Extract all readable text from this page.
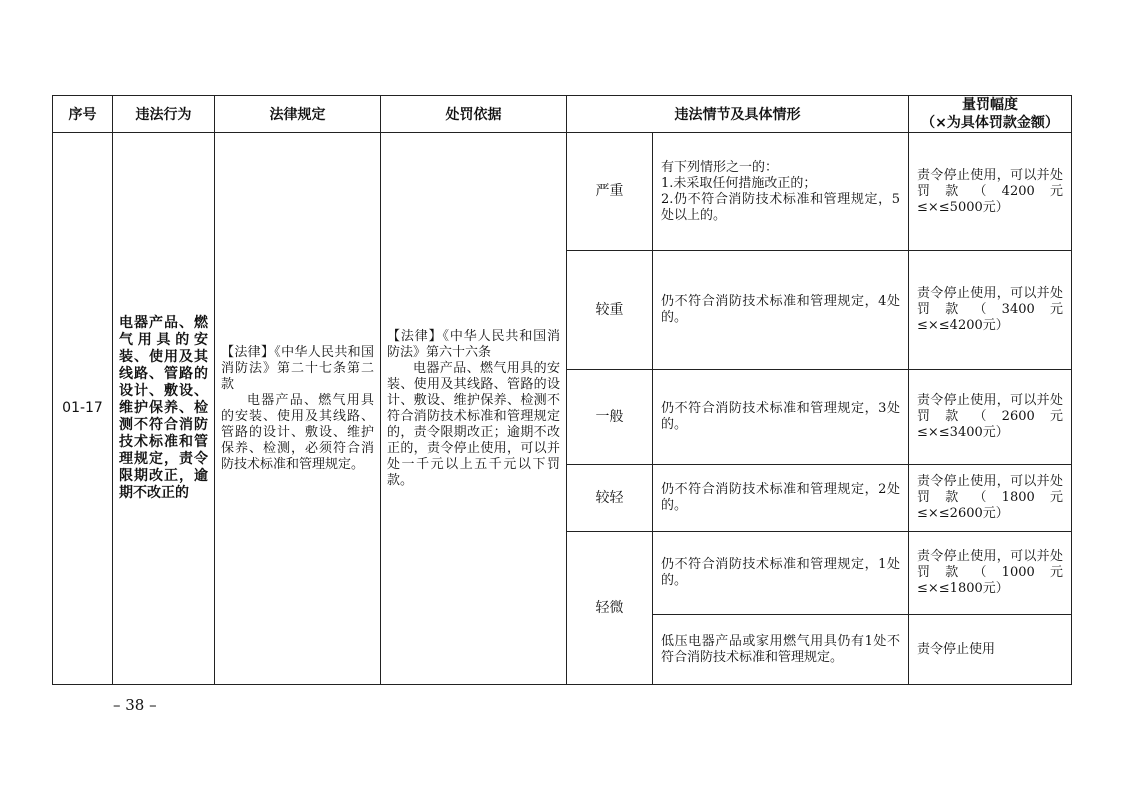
序号	违法行为	法律规定	处罚依据	违法情节及具体情形		量罚幅度
（×为具体罚款金额）

01-17	电器产品、燃气用具的安装、使用及其线路、管路的设计、敷设、维护保养、检测不符合消防技术标准和管理规定，责令限期改正，逾期不改正的	【法律】《中华人民共和国消防法》第二十七条第二款
电器产品、燃气用具的安装、使用及其线路、管路的设计、敷设、维护保养、检测，必须符合消防技术标准和管理规定。	【法律】《中华人民共和国消防法》第六十六条
电器产品、燃气用具的安装、使用及其线路、管路的设计、敷设、维护保养、检测不符合消防技术标准和管理规定的，责令限期改正；逾期不改正的，责令停止使用，可以并处一千元以上五千元以下罚款。	严重	有下列情形之一的：
1.未采取任何措施改正的；
2.仍不符合消防技术标准和管理规定，5处以上的。	责令停止使用，可以并处罚款（4200元≤×≤5000元）
				较重	仍不符合消防技术标准和管理规定，4处的。	责令停止使用，可以并处罚款（3400元≤×≤4200元）
				一般	仍不符合消防技术标准和管理规定，3处的。	责令停止使用，可以并处罚款（2600元≤×≤3400元）
				较轻	仍不符合消防技术标准和管理规定，2处的。	责令停止使用，可以并处罚款（1800元≤×≤2600元）
				轻微	仍不符合消防技术标准和管理规定，1处的。	责令停止使用，可以并处罚款（1000元≤×≤1800元）
					低压电器产品或家用燃气用具仍有1处不符合消防技术标准和管理规定。	责令停止使用
– 38 –
